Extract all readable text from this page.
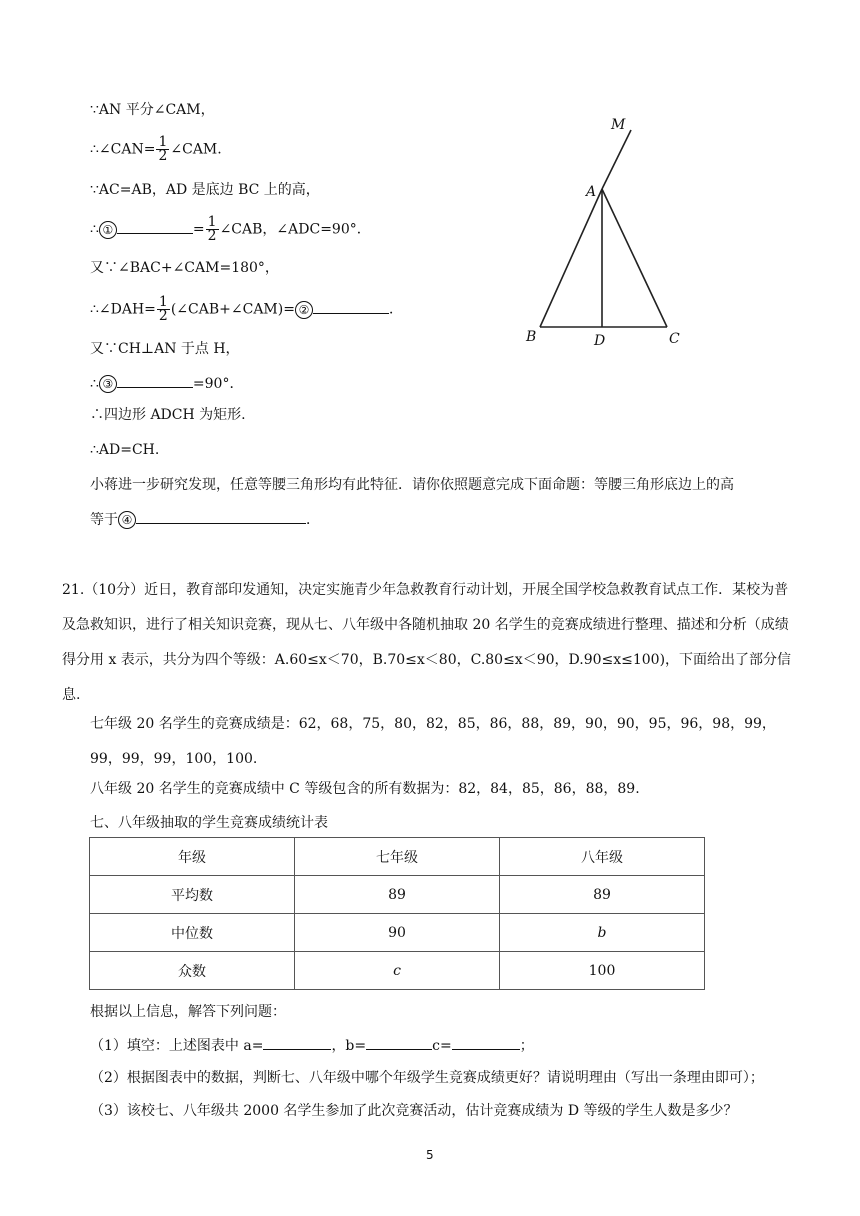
∵AN 平分∠CAM，
∴∠CAN= $\frac{1}{2}$ ∠CAM.
∵AC=AB，AD 是底边 BC 上的高，
∴ ①	= $\frac{1}{2}$ ∠CAB，∠ADC=90°．
又∵∠BAC+∠CAM=180°，
∴∠DAH= $\frac{1}{2}$ (∠CAB+∠CAM)= ②	．
又∵CH⊥AN 于点 H，
∴ ③	=90°．
∴四边形 ADCH 为矩形.
∴AD=CH.
小蒋进一步研究发现，任意等腰三角形均有此特征．请你依照题意完成下面命题：等腰三角形底边上的高
等于 ④	．
M
A
B	D	C
21.（10分）近日，教育部印发通知，决定实施青少年急救教育行动计划，开展全国学校急救教育试点工作．某校为普及急救知识，进行了相关知识竞赛，现从七、八年级中各随机抽取 20 名学生的竞赛成绩进行整理、描述和分析（成绩得分用 x 表示，共分为四个等级：A.60≤x＜70，B.70≤x＜80，C.80≤x＜90，D.90≤x≤100)，下面给出了部分信息.
七年级 20 名学生的竞赛成绩是：62，68，75，80，82，85，86，88，89，90，90，95，96，98，99，99，99，99，100，100.
八年级 20 名学生的竞赛成绩中 C 等级包含的所有数据为：82，84，85，86，88，89.
七、八年级抽取的学生竞赛成绩统计表
年级	七年级	八年级
平均数	89	89
中位数	90	b
众数	c	100
根据以上信息，解答下列问题：
（1）填空：上述图表中 a=	，b=	c=	；
（2）根据图表中的数据，判断七、八年级中哪个年级学生竞赛成绩更好？请说明理由（写出一条理由即可）；
（3）该校七、八年级共 2000 名学生参加了此次竞赛活动，估计竞赛成绩为 D 等级的学生人数是多少？
5
